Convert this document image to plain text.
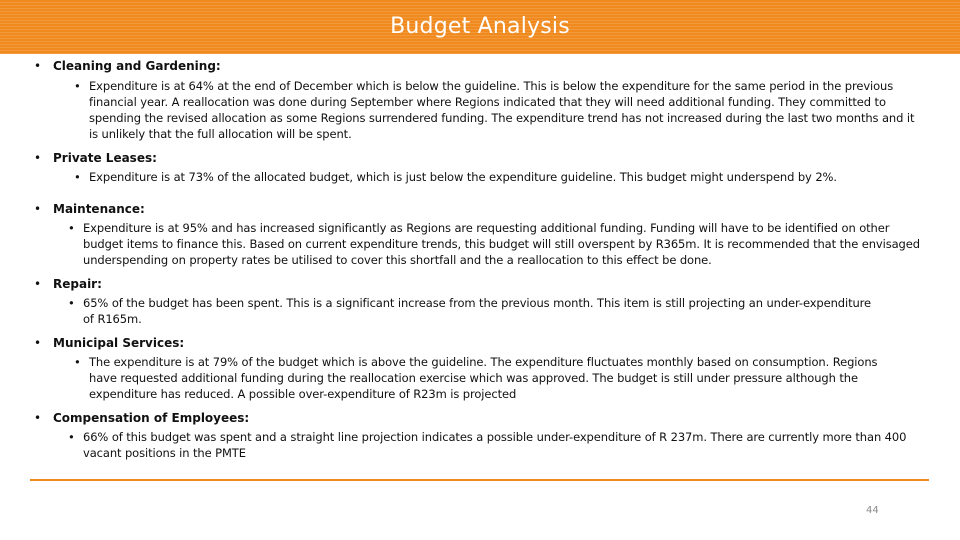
Budget Analysis
• Cleaning and Gardening:
• Expenditure is at 64% at the end of December which is below the guideline. This is below the expenditure for the same period in the previous financial year. A reallocation was done during September where Regions indicated that they will need additional funding. They committed to spending the revised allocation as some Regions surrendered funding. The expenditure trend has not increased during the last two months and it is unlikely that the full allocation will be spent.
• Private Leases:
• Expenditure is at 73% of the allocated budget, which is just below the expenditure guideline. This budget might underspend by 2%.
• Maintenance:
• Expenditure is at 95% and has increased significantly as Regions are requesting additional funding. Funding will have to be identified on other budget items to finance this. Based on current expenditure trends, this budget will still overspent by R365m. It is recommended that the envisaged underspending on property rates be utilised to cover this shortfall and the a reallocation to this effect be done.
• Repair:
• 65% of the budget has been spent. This is a significant increase from the previous month. This item is still projecting an under-expenditure of R165m.
• Municipal Services:
• The expenditure is at 79% of the budget which is above the guideline. The expenditure fluctuates monthly based on consumption. Regions have requested additional funding during the reallocation exercise which was approved. The budget is still under pressure although the expenditure has reduced. A possible over-expenditure of R23m is projected
• Compensation of Employees:
• 66% of this budget was spent and a straight line projection indicates a possible under-expenditure of R 237m. There are currently more than 400 vacant positions in the PMTE
44
